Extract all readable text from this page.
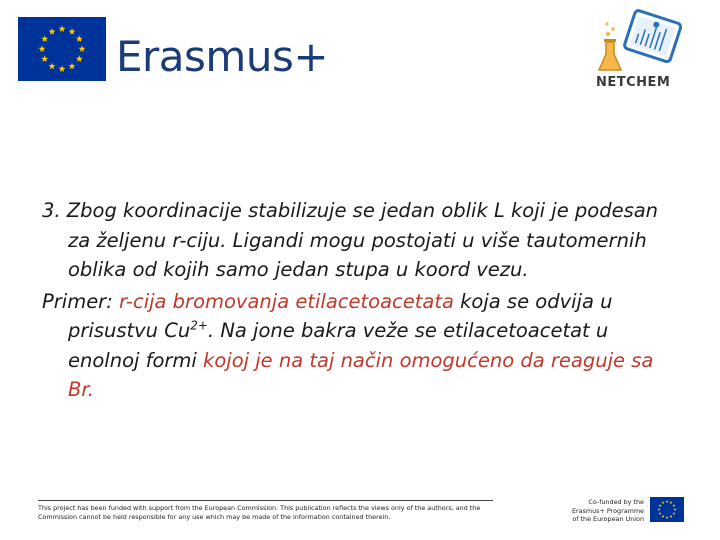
Erasmus+
NETCHEM

3. Zbog koordinacije stabilizuje se jedan oblik L koji je podesan za željenu r-ciju. Ligandi mogu postojati u više tautomernih oblika od kojih samo jedan stupa u koord vezu.

Primer: r-cija bromovanja etilacetoacetata koja se odvija u prisustvu $Cu^{2+}$. Na jone bakra veže se etilacetoacetat u enolnoj formi kojoj je na taj način omogućeno da reaguje sa Br.

This project has been funded with support from the European Commission. This publication reflects the views only of the authors, and the Commission cannot be held responsible for any use which may be made of the information contained therein.
Co-funded by the
Erasmus+ Programme
of the European Union
